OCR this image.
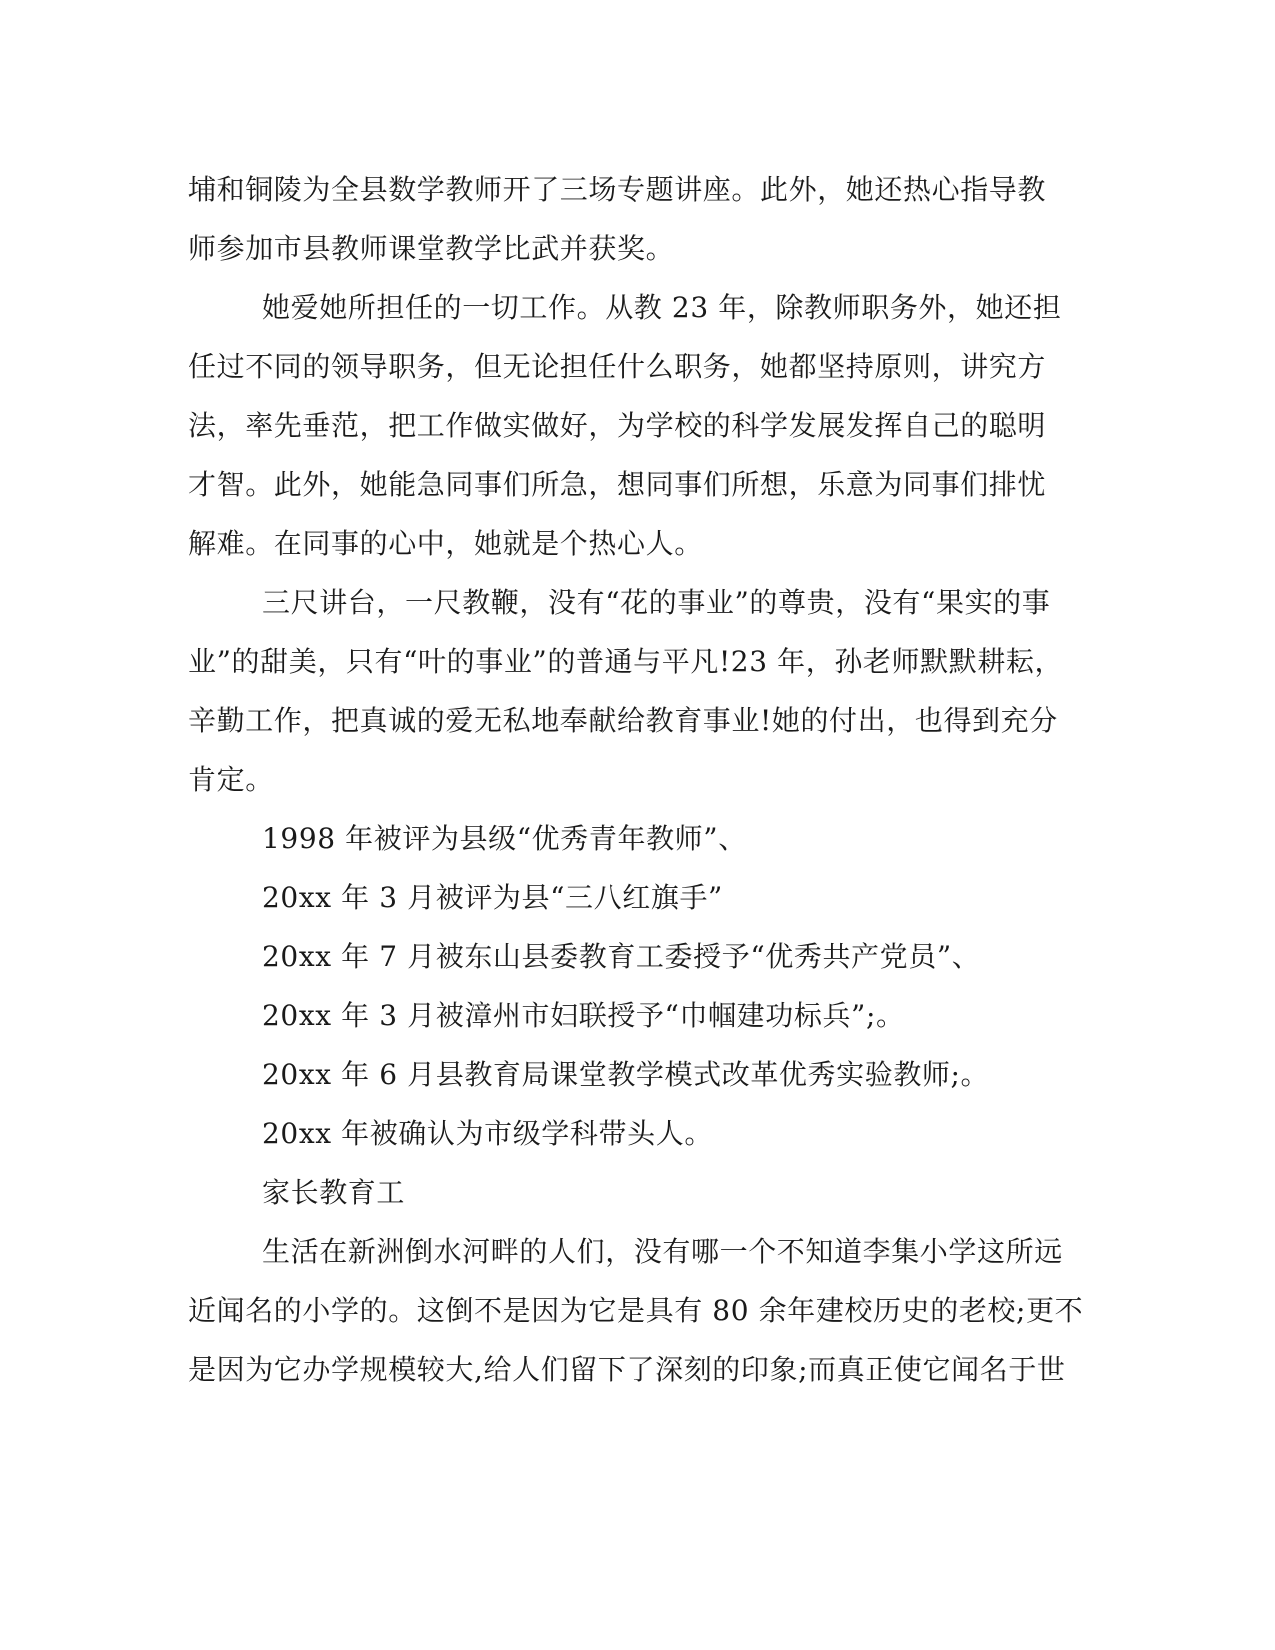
埔和铜陵为全县数学教师开了三场专题讲座。此外，她还热心指导教
师参加市县教师课堂教学比武并获奖。
她爱她所担任的一切工作。从教 23 年，除教师职务外，她还担
任过不同的领导职务，但无论担任什么职务，她都坚持原则，讲究方
法，率先垂范，把工作做实做好，为学校的科学发展发挥自己的聪明
才智。此外，她能急同事们所急，想同事们所想，乐意为同事们排忧
解难。在同事的心中，她就是个热心人。
三尺讲台，一尺教鞭，没有“花的事业”的尊贵，没有“果实的事
业”的甜美，只有“叶的事业”的普通与平凡!23 年，孙老师默默耕耘，
辛勤工作，把真诚的爱无私地奉献给教育事业!她的付出，也得到充分
肯定。
1998 年被评为县级“优秀青年教师”、
20xx 年 3 月被评为县“三八红旗手”
20xx 年 7 月被东山县委教育工委授予“优秀共产党员”、
20xx 年 3 月被漳州市妇联授予“巾帼建功标兵”;。
20xx 年 6 月县教育局课堂教学模式改革优秀实验教师;。
20xx 年被确认为市级学科带头人。
家长教育工
生活在新洲倒水河畔的人们，没有哪一个不知道李集小学这所远
近闻名的小学的。这倒不是因为它是具有 80 余年建校历史的老校;更不
是因为它办学规模较大,给人们留下了深刻的印象;而真正使它闻名于世
